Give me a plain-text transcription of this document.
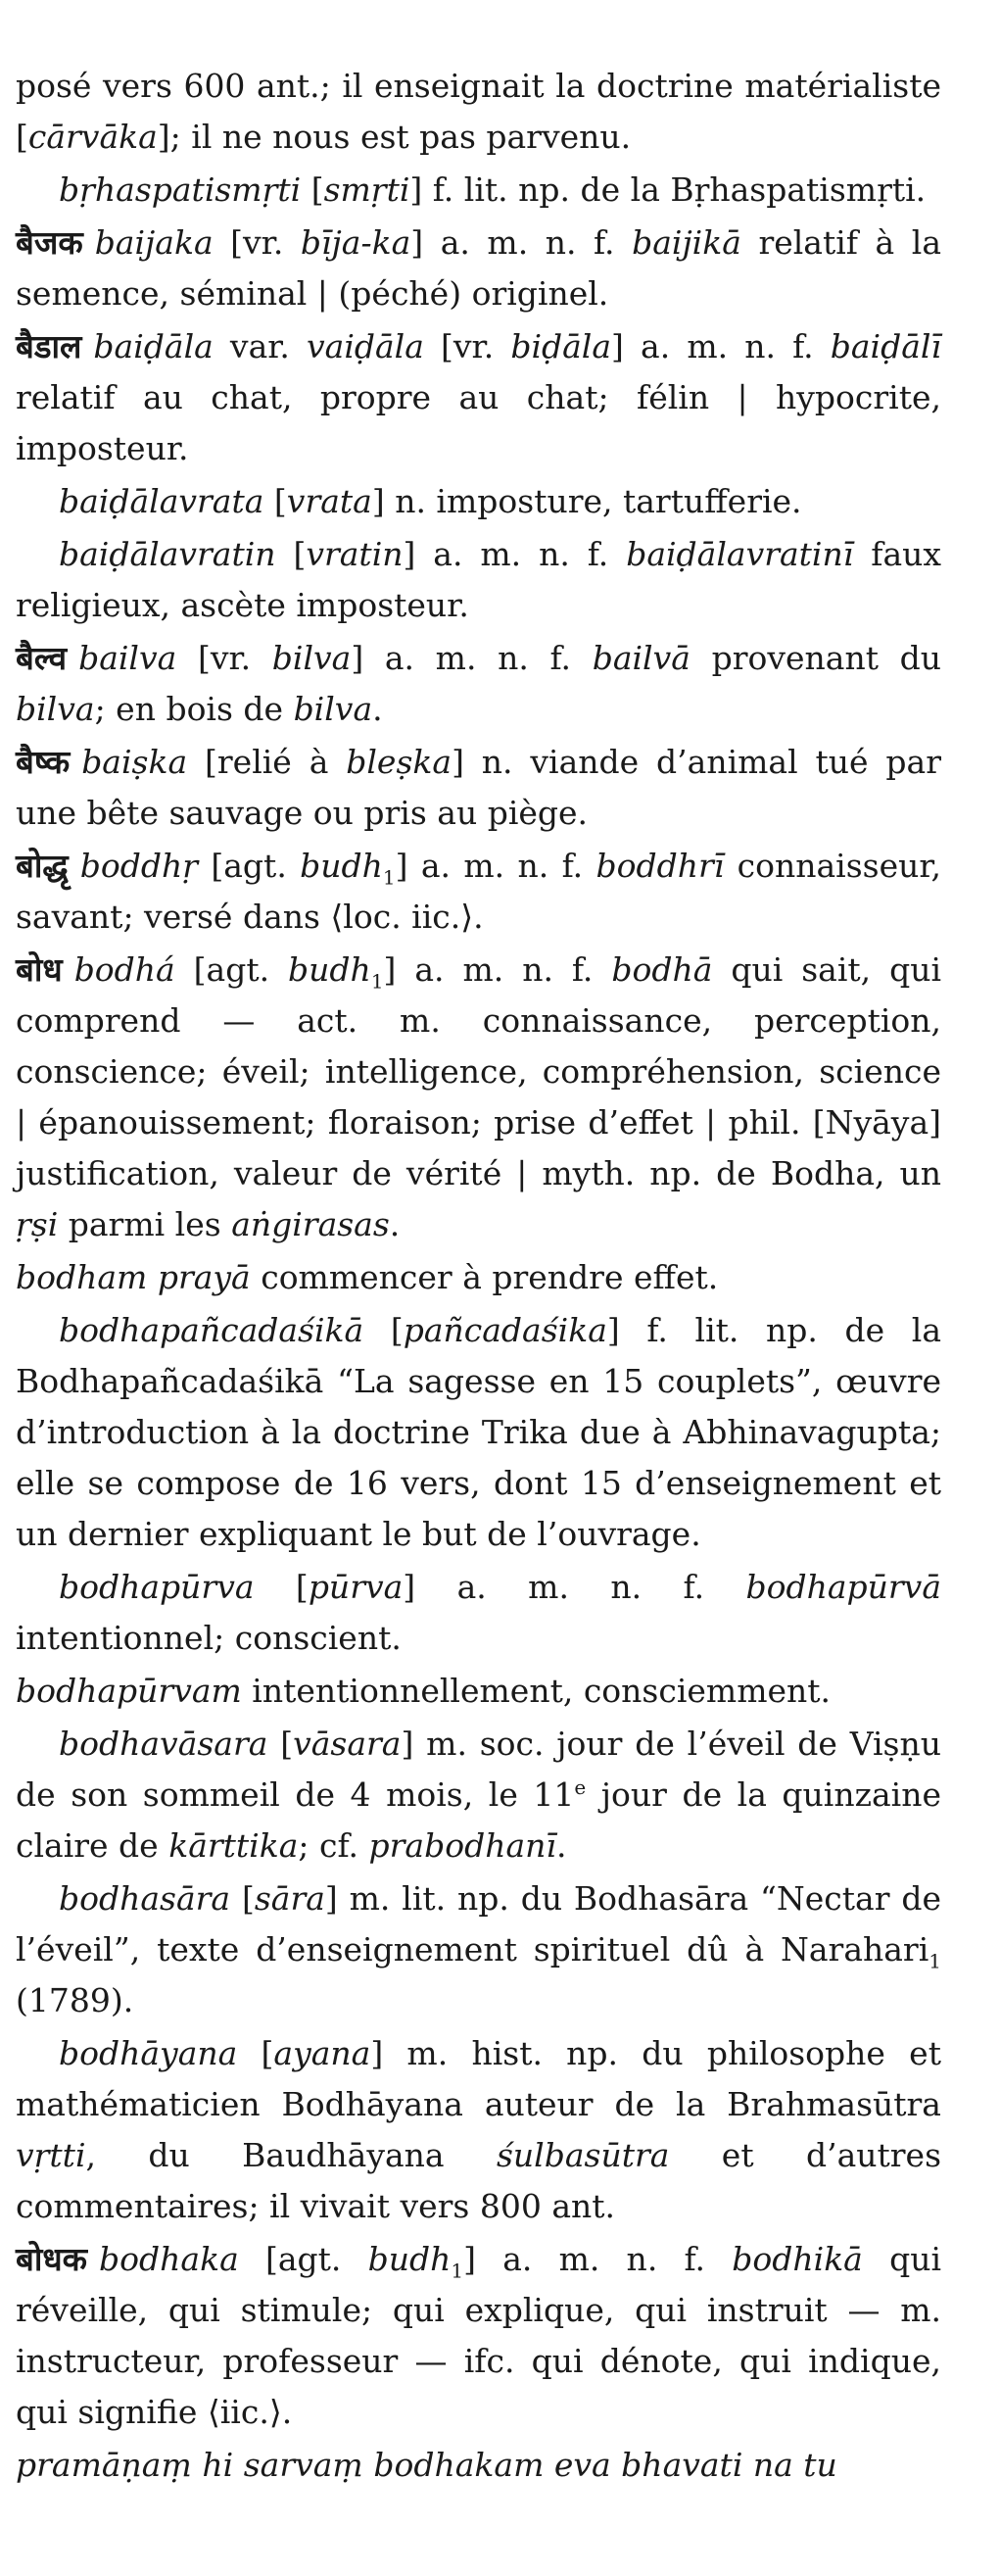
posé vers 600 ant.; il enseignait la doctrine matérialiste [cārvāka]; il ne nous est pas parvenu.

bṛhaspatismṛti [smṛti] f. lit. np. de la Bṛhaspatismṛti.

बैजक baijaka [vr. bīja-ka] a. m. n. f. baijikā relatif à la semence, séminal | (péché) originel.

बैडाल baiḍāla var. vaiḍāla [vr. biḍāla] a. m. n. f. baiḍālī relatif au chat, propre au chat; félin | hypocrite, imposteur.

baiḍālavrata [vrata] n. imposture, tartufferie.

baiḍālavratin [vratin] a. m. n. f. baiḍālavratinī faux religieux, ascète imposteur.

बैल्व bailva [vr. bilva] a. m. n. f. bailvā provenant du bilva; en bois de bilva.

बैष्क baiṣka [relié à bleṣka] n. viande d’animal tué par une bête sauvage ou pris au piège.

बोद्धृ boddhṛ [agt. budh$_1$] a. m. n. f. boddhrī connaisseur, savant; versé dans ⟨loc. iic.⟩.

बोध bodhá [agt. budh$_1$] a. m. n. f. bodhā qui sait, qui comprend — act. m. connaissance, perception, conscience; éveil; intelligence, compréhension, science | épanouissement; floraison; prise d’effet | phil. [Nyāya] justification, valeur de vérité | myth. np. de Bodha, un ṛṣi parmi les aṅgirasas.

bodham prayā commencer à prendre effet.

bodhapañcadaśikā [pañcadaśika] f. lit. np. de la Bodhapañcadaśikā “La sagesse en 15 couplets”, œuvre d’introduction à la doctrine Trika due à Abhinavagupta; elle se compose de 16 vers, dont 15 d’enseignement et un dernier expliquant le but de l’ouvrage.

bodhapūrva [pūrva] a. m. n. f. bodhapūrvā intentionnel; conscient.

bodhapūrvam intentionnellement, consciemment.

bodhavāsara [vāsara] m. soc. jour de l’éveil de Viṣṇu de son sommeil de 4 mois, le 11e jour de la quinzaine claire de kārttika; cf. prabodhanī.

bodhasāra [sāra] m. lit. np. du Bodhasāra “Nectar de l’éveil”, texte d’enseignement spirituel dû à Narahari$_1$ (1789).

bodhāyana [ayana] m. hist. np. du philosophe et mathématicien Bodhāyana auteur de la Brahmasūtra vṛtti, du Baudhāyana śulbasūtra et d’autres commentaires; il vivait vers 800 ant.

बोधक bodhaka [agt. budh$_1$] a. m. n. f. bodhikā qui réveille, qui stimule; qui explique, qui instruit — m. instructeur, professeur — ifc. qui dénote, qui indique, qui signifie ⟨iic.⟩.

pramāṇaṃ hi sarvaṃ bodhakam eva bhavati na tu
